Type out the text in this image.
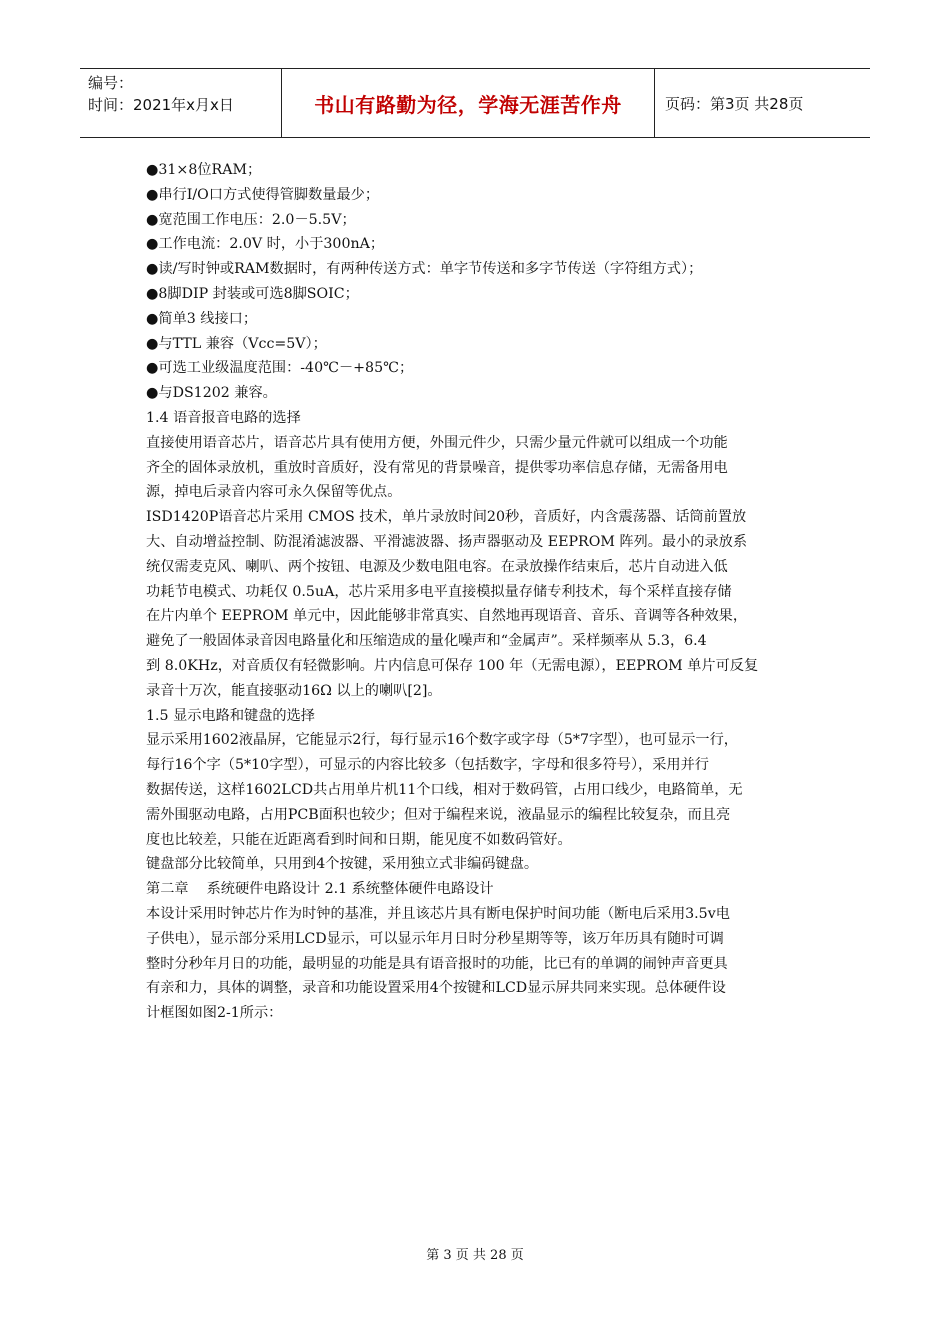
编号：
时间：2021年x月x日	书山有路勤为径，学海无涯苦作舟	页码：第3页 共28页

●31×8位RAM；

●串行I/O口方式使得管脚数量最少；

●宽范围工作电压：2.0－5.5V；

●工作电流：2.0V 时，小于300nA；

●读/写时钟或RAM数据时，有两种传送方式：单字节传送和多字节传送（字符组方式）；

●8脚DIP 封装或可选8脚SOIC；

●简单3 线接口；

●与TTL 兼容（Vcc=5V）；

●可选工业级温度范围：-40℃－+85℃；

●与DS1202 兼容。

1.4 语音报音电路的选择

直接使用语音芯片，语音芯片具有使用方便，外围元件少，只需少量元件就可以组成一个功能

齐全的固体录放机，重放时音质好，没有常见的背景噪音，提供零功率信息存储，无需备用电

源，掉电后录音内容可永久保留等优点。

ISD1420P语音芯片采用 CMOS 技术，单片录放时间20秒，音质好，内含震荡器、话筒前置放

大、自动增益控制、防混淆滤波器、平滑滤波器、扬声器驱动及 EEPROM 阵列。最小的录放系

统仅需麦克风、喇叭、两个按钮、电源及少数电阻电容。在录放操作结束后，芯片自动进入低

功耗节电模式、功耗仅 0.5uA，芯片采用多电平直接模拟量存储专利技术，每个采样直接存储

在片内单个 EEPROM 单元中，因此能够非常真实、自然地再现语音、音乐、音调等各种效果，

避免了一般固体录音因电路量化和压缩造成的量化噪声和“金属声”。采样频率从 5.3，6.4

到 8.0KHz，对音质仅有轻微影响。片内信息可保存 100 年（无需电源），EEPROM 单片可反复

录音十万次，能直接驱动16Ω 以上的喇叭[2]。

1.5 显示电路和键盘的选择

显示采用1602液晶屏，它能显示2行，每行显示16个数字或字母（5*7字型），也可显示一行，

每行16个字（5*10字型），可显示的内容比较多（包括数字，字母和很多符号），采用并行

数据传送，这样1602LCD共占用单片机11个口线，相对于数码管，占用口线少，电路简单，无

需外围驱动电路，占用PCB面积也较少；但对于编程来说，液晶显示的编程比较复杂，而且亮

度也比较差，只能在近距离看到时间和日期，能见度不如数码管好。

键盘部分比较简单，只用到4个按键，采用独立式非编码键盘。

第二章    系统硬件电路设计 2.1 系统整体硬件电路设计

本设计采用时钟芯片作为时钟的基准，并且该芯片具有断电保护时间功能（断电后采用3.5v电

子供电），显示部分采用LCD显示，可以显示年月日时分秒星期等等，该万年历具有随时可调

整时分秒年月日的功能，最明显的功能是具有语音报时的功能，比已有的单调的闹钟声音更具

有亲和力，具体的调整，录音和功能设置采用4个按键和LCD显示屏共同来实现。总体硬件设

计框图如图2-1所示：

第 3 页 共 28 页
